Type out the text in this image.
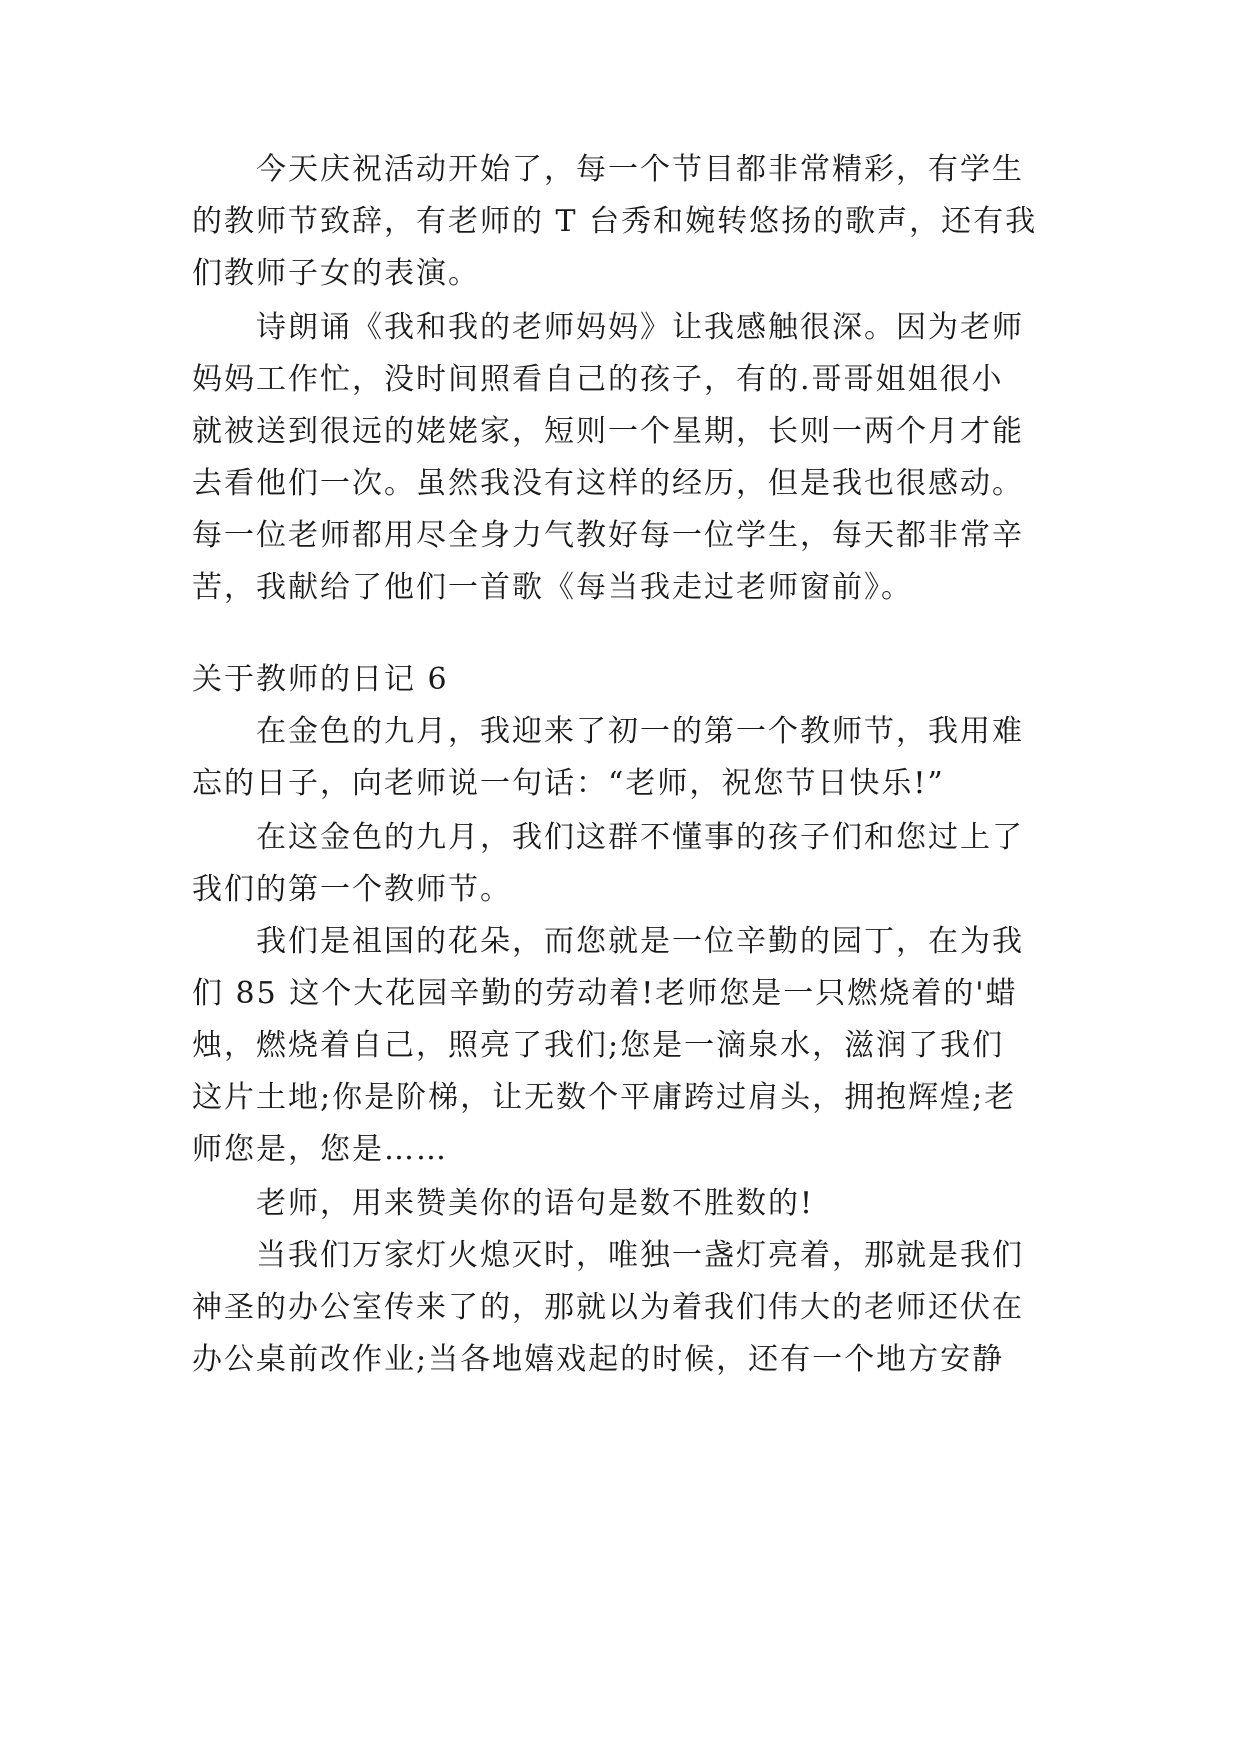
　　今天庆祝活动开始了，每一个节目都非常精彩，有学生
的教师节致辞，有老师的 T 台秀和婉转悠扬的歌声，还有我
们教师子女的表演。
　　诗朗诵《我和我的老师妈妈》让我感触很深。因为老师
妈妈工作忙，没时间照看自己的孩子，有的.哥哥姐姐很小
就被送到很远的姥姥家，短则一个星期，长则一两个月才能
去看他们一次。虽然我没有这样的经历，但是我也很感动。
每一位老师都用尽全身力气教好每一位学生，每天都非常辛
苦，我献给了他们一首歌《每当我走过老师窗前》。
关于教师的日记 6
　　在金色的九月，我迎来了初一的第一个教师节，我用难
忘的日子，向老师说一句话：“老师，祝您节日快乐!”
　　在这金色的九月，我们这群不懂事的孩子们和您过上了
我们的第一个教师节。
　　我们是祖国的花朵，而您就是一位辛勤的园丁，在为我
们 85 这个大花园辛勤的劳动着!老师您是一只燃烧着的'蜡
烛，燃烧着自己，照亮了我们;您是一滴泉水，滋润了我们
这片土地;你是阶梯，让无数个平庸跨过肩头，拥抱辉煌;老
师您是，您是……
　　老师，用来赞美你的语句是数不胜数的!
　　当我们万家灯火熄灭时，唯独一盏灯亮着，那就是我们
神圣的办公室传来了的，那就以为着我们伟大的老师还伏在
办公桌前改作业;当各地嬉戏起的时候，还有一个地方安静
